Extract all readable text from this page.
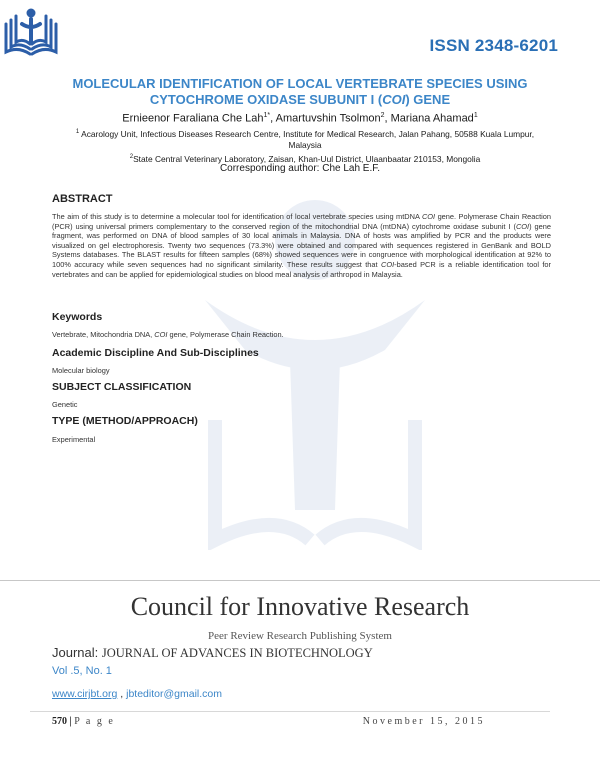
ISSN 2348-6201
MOLECULAR IDENTIFICATION OF LOCAL VERTEBRATE SPECIES USING
CYTOCHROME OXIDASE SUBUNIT I (COI) GENE
Ernieenor Faraliana Che Lah$^{1*}$, Amartuvshin Tsolmon$^2$, Mariana Ahamad$^1$
$^1$ Acarology Unit, Infectious Diseases Research Centre, Institute for Medical Research, Jalan Pahang, 50588 Kuala Lumpur, Malaysia
$^2$State Central Veterinary Laboratory, Zaisan, Khan-Uul District, Ulaanbaatar 210153, Mongolia
Corresponding author: Che Lah E.F.
ABSTRACT
The aim of this study is to determine a molecular tool for identification of local vertebrate species using mtDNA COI gene. Polymerase Chain Reaction (PCR) using universal primers complementary to the conserved region of the mitochondrial DNA (mtDNA) cytochrome oxidase subunit I (COI) gene fragment, was performed on DNA of blood samples of 30 local animals in Malaysia. DNA of hosts was amplified by PCR and the products were visualized on gel electrophoresis. Twenty two sequences (73.3%) were obtained and compared with sequences registered in GenBank and BOLD Systems databases. The BLAST results for fifteen samples (68%) showed sequences were in congruence with morphological identification at 92% to 100% accuracy while seven sequences had no significant similarity. These results suggest that COI-based PCR is a reliable identification tool for vertebrates and can be applied for epidemiological studies on blood meal analysis of arthropod in Malaysia.
Keywords
Vertebrate, Mitochondria DNA, COI gene, Polymerase Chain Reaction.
Academic Discipline And Sub-Disciplines
Molecular biology
SUBJECT CLASSIFICATION
Genetic
TYPE (METHOD/APPROACH)
Experimental
Council for Innovative Research
Peer Review Research Publishing System
Journal: JOURNAL OF ADVANCES IN BIOTECHNOLOGY
Vol .5, No. 1
www.cirjbt.org , jbteditor@gmail.com
570 | P a g e	November 15, 2015
